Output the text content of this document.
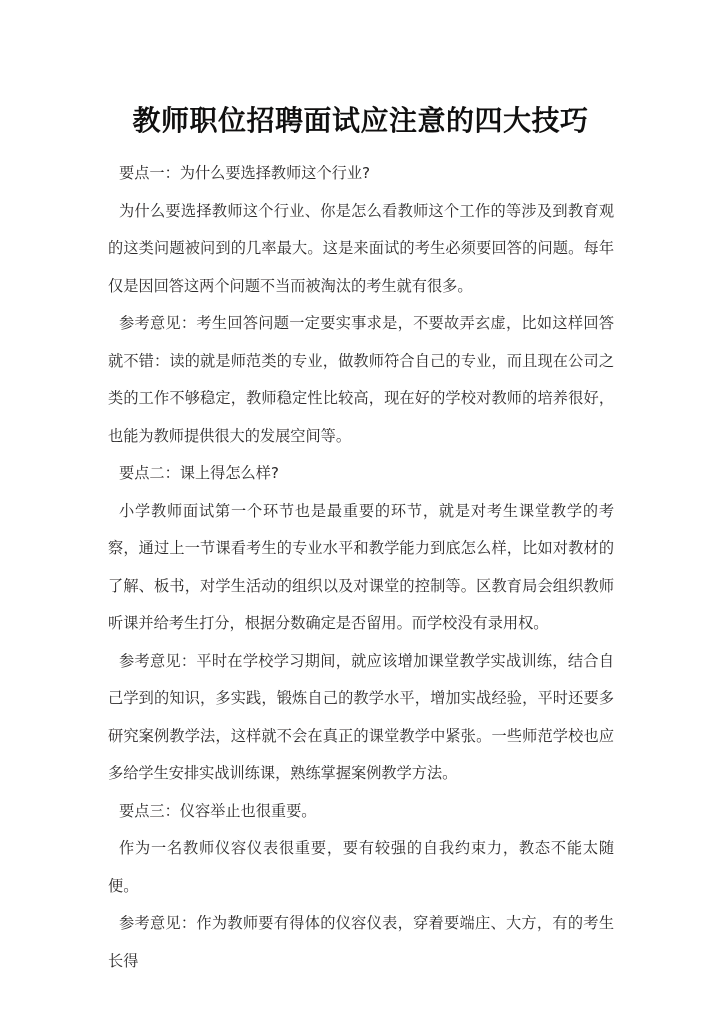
教师职位招聘面试应注意的四大技巧

要点一：为什么要选择教师这个行业?

为什么要选择教师这个行业、你是怎么看教师这个工作的等涉及到教育观的这类问题被问到的几率最大。这是来面试的考生必须要回答的问题。每年仅是因回答这两个问题不当而被淘汰的考生就有很多。

参考意见：考生回答问题一定要实事求是，不要故弄玄虚，比如这样回答就不错：读的就是师范类的专业，做教师符合自己的专业，而且现在公司之类的工作不够稳定，教师稳定性比较高，现在好的学校对教师的培养很好，也能为教师提供很大的发展空间等。

要点二：课上得怎么样?

小学教师面试第一个环节也是最重要的环节，就是对考生课堂教学的考察，通过上一节课看考生的专业水平和教学能力到底怎么样，比如对教材的了解、板书，对学生活动的组织以及对课堂的控制等。区教育局会组织教师听课并给考生打分，根据分数确定是否留用。而学校没有录用权。

参考意见：平时在学校学习期间，就应该增加课堂教学实战训练，结合自己学到的知识，多实践，锻炼自己的教学水平，增加实战经验，平时还要多研究案例教学法，这样就不会在真正的课堂教学中紧张。一些师范学校也应多给学生安排实战训练课，熟练掌握案例教学方法。

要点三：仪容举止也很重要。

作为一名教师仪容仪表很重要，要有较强的自我约束力，教态不能太随便。

参考意见：作为教师要有得体的仪容仪表，穿着要端庄、大方，有的考生长得
